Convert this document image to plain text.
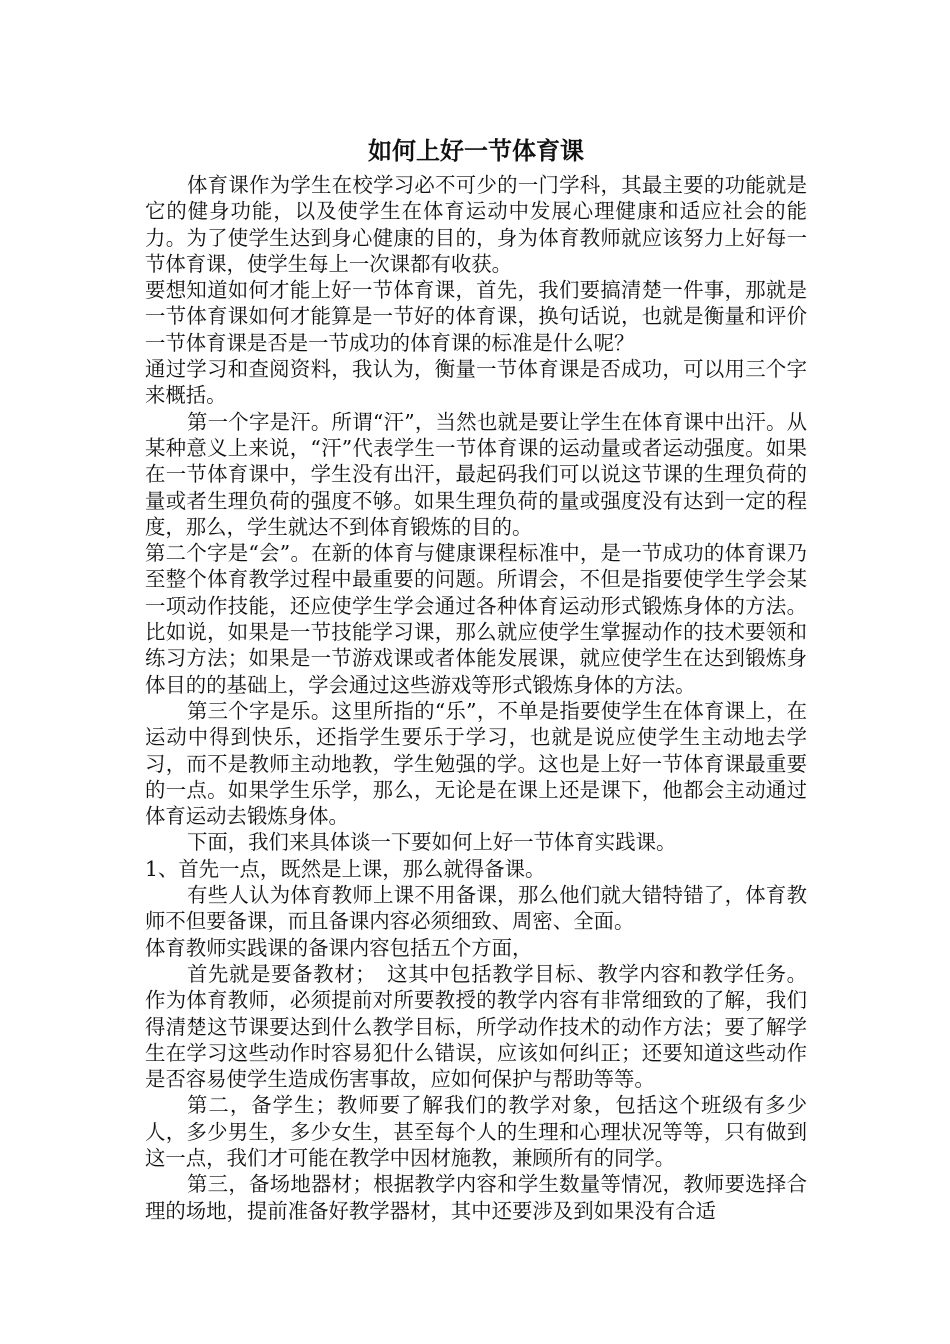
如何上好一节体育课

体育课作为学生在校学习必不可少的一门学科，其最主要的功能就是它的健身功能，以及使学生在体育运动中发展心理健康和适应社会的能力。为了使学生达到身心健康的目的，身为体育教师就应该努力上好每一节体育课，使学生每上一次课都有收获。

要想知道如何才能上好一节体育课，首先，我们要搞清楚一件事，那就是一节体育课如何才能算是一节好的体育课，换句话说，也就是衡量和评价一节体育课是否是一节成功的体育课的标准是什么呢？

通过学习和查阅资料，我认为，衡量一节体育课是否成功，可以用三个字来概括。

第一个字是汗。所谓“汗”，当然也就是要让学生在体育课中出汗。从某种意义上来说，“汗”代表学生一节体育课的运动量或者运动强度。如果在一节体育课中，学生没有出汗，最起码我们可以说这节课的生理负荷的量或者生理负荷的强度不够。如果生理负荷的量或强度没有达到一定的程度，那么，学生就达不到体育锻炼的目的。

第二个字是“会”。在新的体育与健康课程标准中，是一节成功的体育课乃至整个体育教学过程中最重要的问题。所谓会，不但是指要使学生学会某一项动作技能，还应使学生学会通过各种体育运动形式锻炼身体的方法。比如说，如果是一节技能学习课，那么就应使学生掌握动作的技术要领和练习方法；如果是一节游戏课或者体能发展课，就应使学生在达到锻炼身体目的的基础上，学会通过这些游戏等形式锻炼身体的方法。

第三个字是乐。这里所指的“乐”，不单是指要使学生在体育课上，在运动中得到快乐，还指学生要乐于学习，也就是说应使学生主动地去学习，而不是教师主动地教，学生勉强的学。这也是上好一节体育课最重要的一点。如果学生乐学，那么，无论是在课上还是课下，他都会主动通过体育运动去锻炼身体。

下面，我们来具体谈一下要如何上好一节体育实践课。

1、首先一点，既然是上课，那么就得备课。

有些人认为体育教师上课不用备课，那么他们就大错特错了，体育教师不但要备课，而且备课内容必须细致、周密、全面。

体育教师实践课的备课内容包括五个方面，

首先就是要备教材；　这其中包括教学目标、教学内容和教学任务。作为体育教师，必须提前对所要教授的教学内容有非常细致的了解，我们得清楚这节课要达到什么教学目标，所学动作技术的动作方法；要了解学生在学习这些动作时容易犯什么错误，应该如何纠正；还要知道这些动作是否容易使学生造成伤害事故，应如何保护与帮助等等。

第二，备学生；教师要了解我们的教学对象，包括这个班级有多少人，多少男生，多少女生，甚至每个人的生理和心理状况等等，只有做到这一点，我们才可能在教学中因材施教，兼顾所有的同学。

第三，备场地器材；根据教学内容和学生数量等情况，教师要选择合理的场地，提前准备好教学器材，其中还要涉及到如果没有合适
